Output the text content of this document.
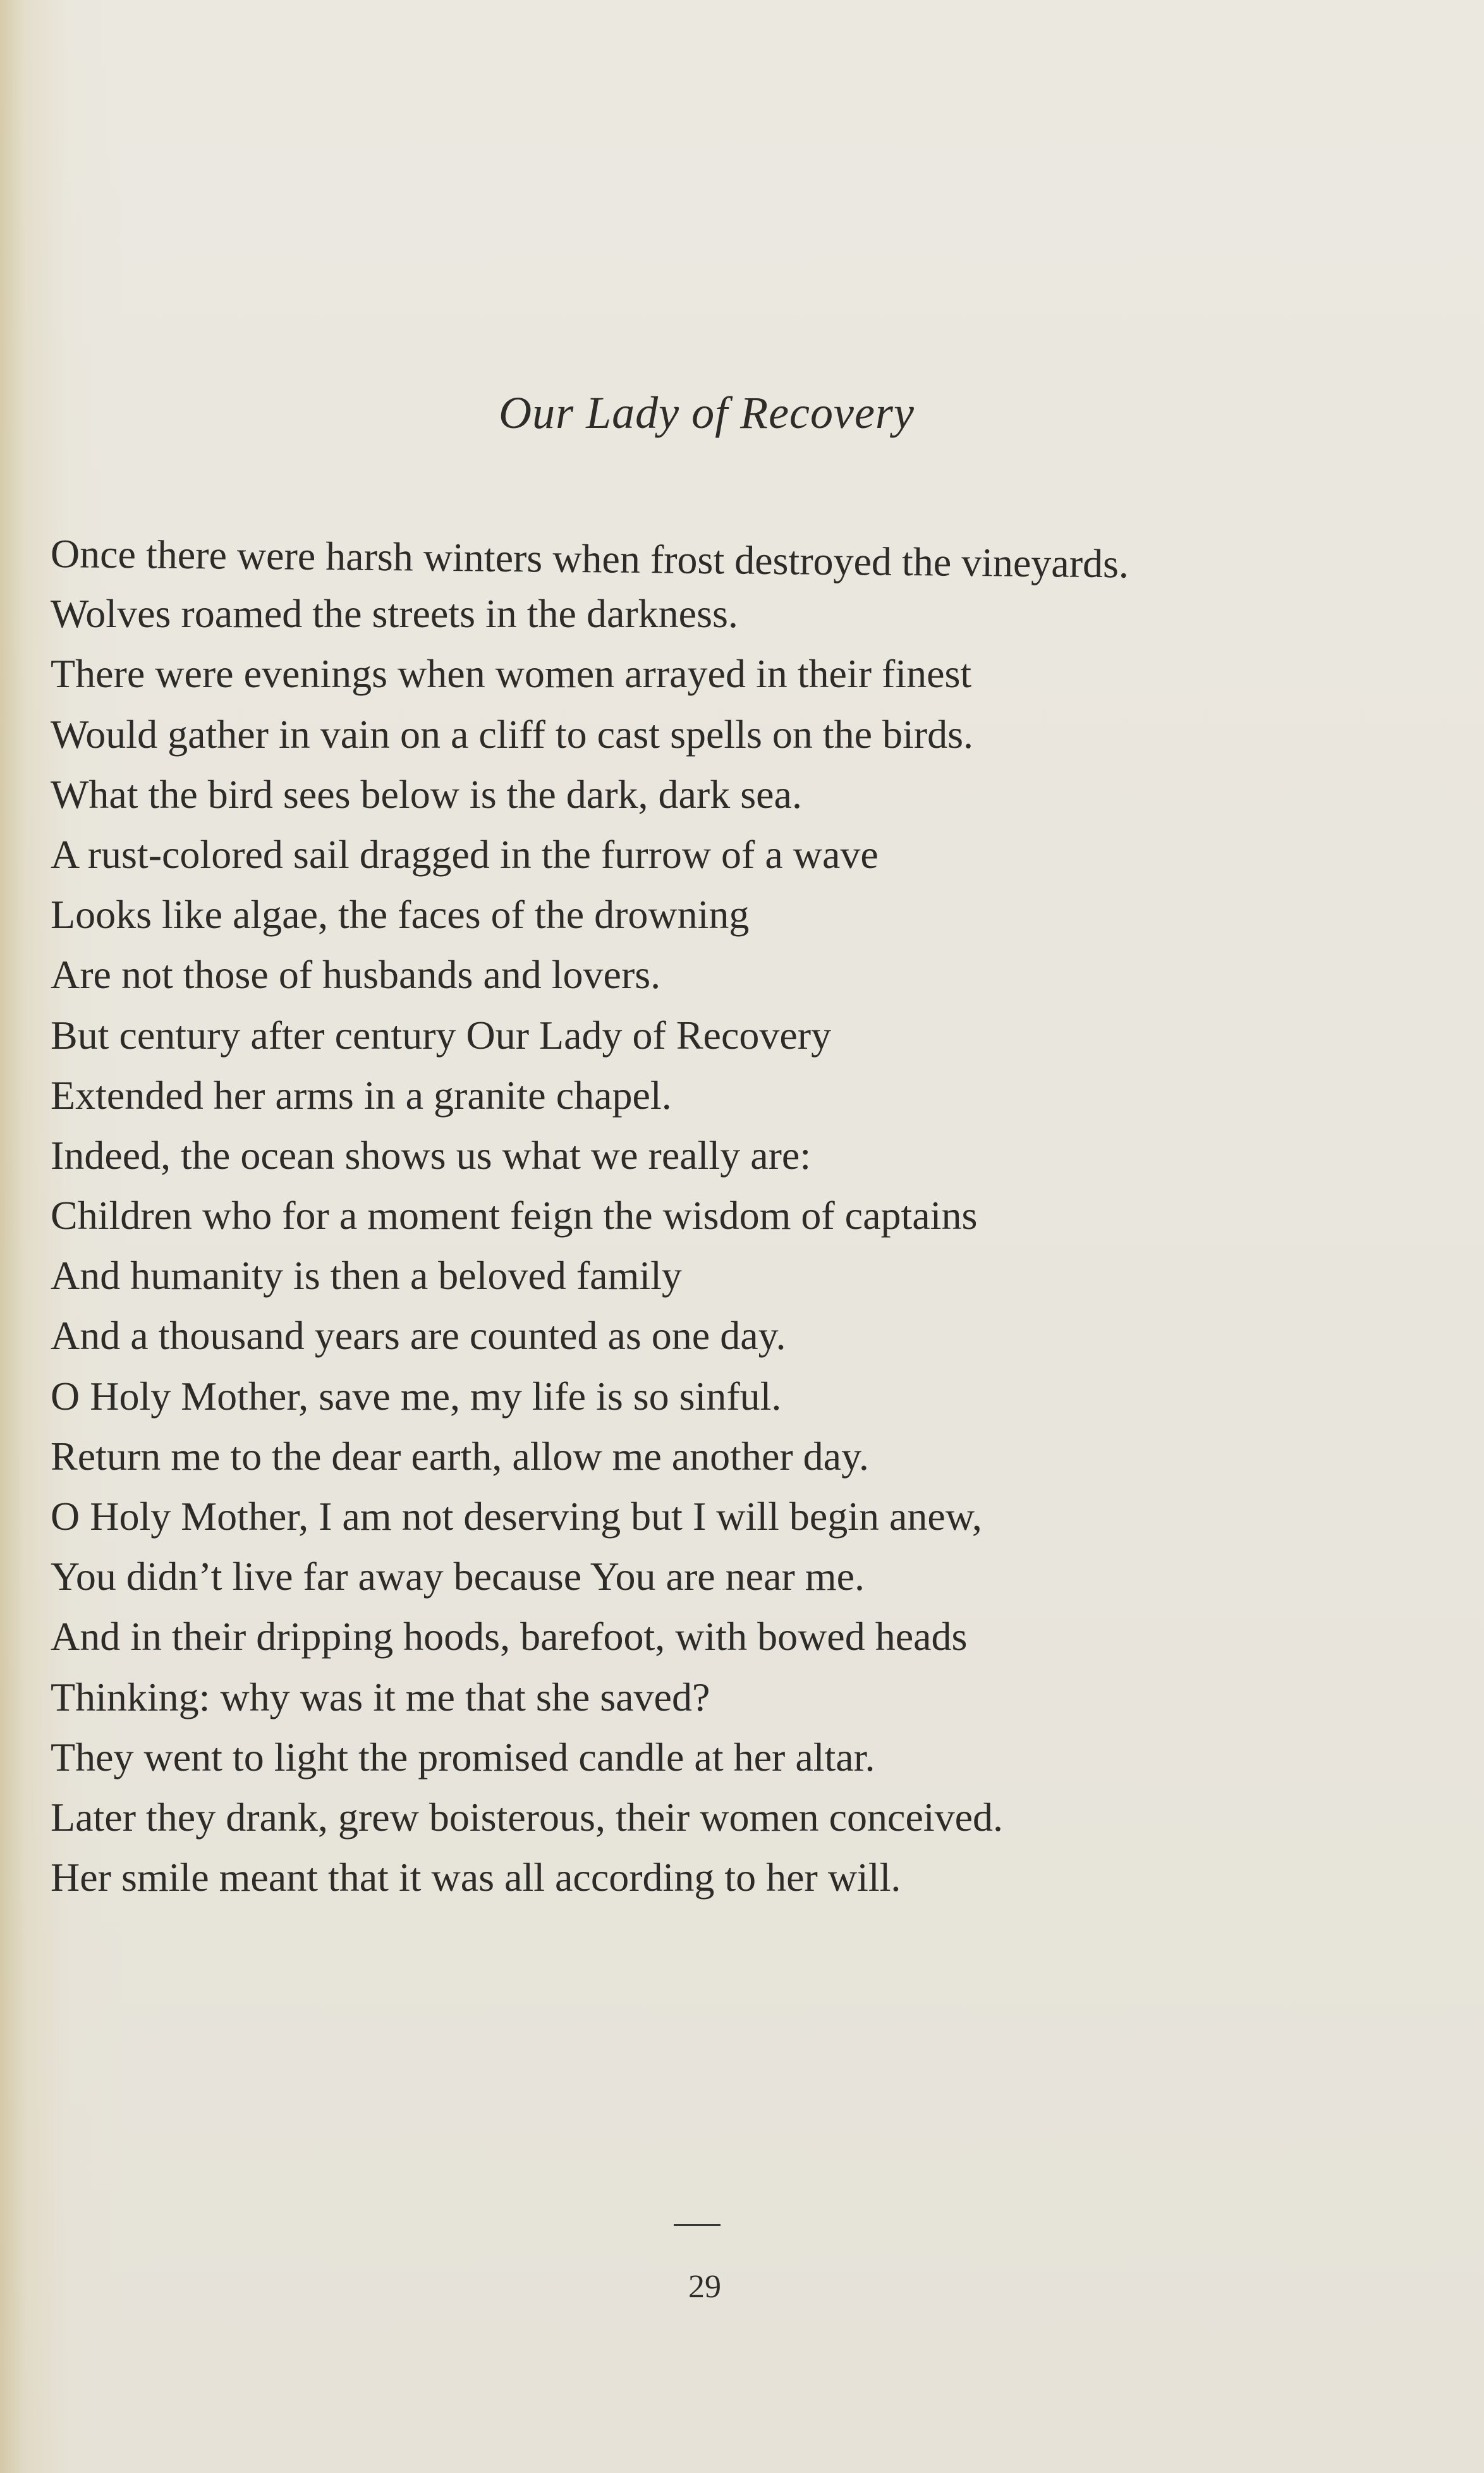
Our Lady of Recovery
Once there were harsh winters when frost destroyed the vineyards.
Wolves roamed the streets in the darkness.
There were evenings when women arrayed in their finest
Would gather in vain on a cliff to cast spells on the birds.
What the bird sees below is the dark, dark sea.
A rust-colored sail dragged in the furrow of a wave
Looks like algae, the faces of the drowning
Are not those of husbands and lovers.
But century after century Our Lady of Recovery
Extended her arms in a granite chapel.
Indeed, the ocean shows us what we really are:
Children who for a moment feign the wisdom of captains
And humanity is then a beloved family
And a thousand years are counted as one day.
O Holy Mother, save me, my life is so sinful.
Return me to the dear earth, allow me another day.
O Holy Mother, I am not deserving but I will begin anew,
You didn’t live far away because You are near me.
And in their dripping hoods, barefoot, with bowed heads
Thinking: why was it me that she saved?
They went to light the promised candle at her altar.
Later they drank, grew boisterous, their women conceived.
Her smile meant that it was all according to her will.
29
